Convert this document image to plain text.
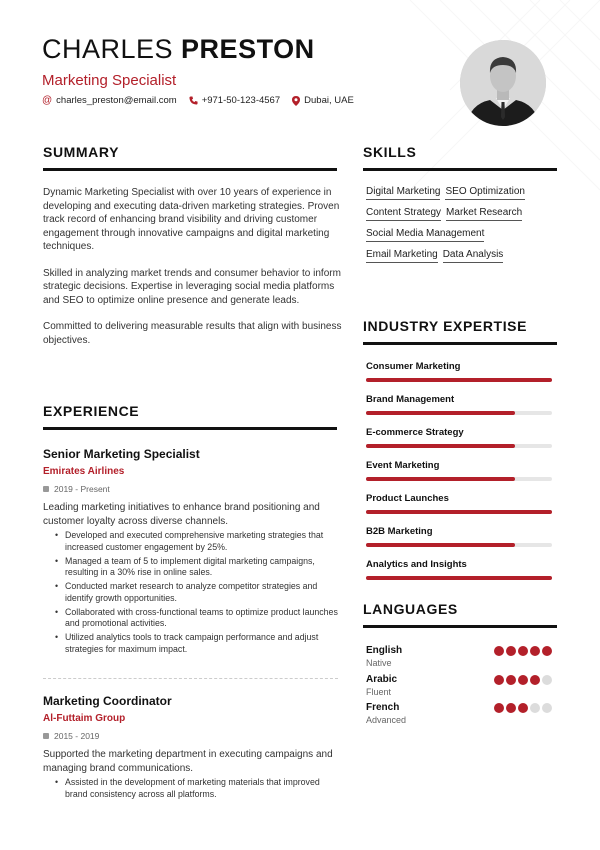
CHARLES PRESTON
Marketing Specialist
@ charles_preston@email.com	+971-50-123-4567	Dubai, UAE
SUMMARY

Dynamic Marketing Specialist with over 10 years of experience in developing and executing data-driven marketing strategies. Proven track record of enhancing brand visibility and driving customer engagement through innovative campaigns and digital marketing techniques.

Skilled in analyzing market trends and consumer behavior to inform strategic decisions. Expertise in leveraging social media platforms and SEO to optimize online presence and generate leads.

Committed to delivering measurable results that align with business objectives.

EXPERIENCE
Senior Marketing Specialist
Emirates Airlines
2019 - Present
Leading marketing initiatives to enhance brand positioning and customer loyalty across diverse channels.
• Developed and executed comprehensive marketing strategies that increased customer engagement by 25%.
• Managed a team of 5 to implement digital marketing campaigns, resulting in a 30% rise in online sales.
• Conducted market research to analyze competitor strategies and identify growth opportunities.
• Collaborated with cross-functional teams to optimize product launches and promotional activities.
• Utilized analytics tools to track campaign performance and adjust strategies for maximum impact.
Marketing Coordinator
Al-Futtaim Group
2015 - 2019
Supported the marketing department in executing campaigns and managing brand communications.
• Assisted in the development of marketing materials that improved brand consistency across all platforms.
SKILLS
Digital Marketing SEO Optimization
Content Strategy Market Research
Social Media Management
Email Marketing Data Analysis
INDUSTRY EXPERTISE
Consumer Marketing
Brand Management
E-commerce Strategy
Event Marketing
Product Launches
B2B Marketing
Analytics and Insights
LANGUAGES
English
Native
Arabic
Fluent
French
Advanced
